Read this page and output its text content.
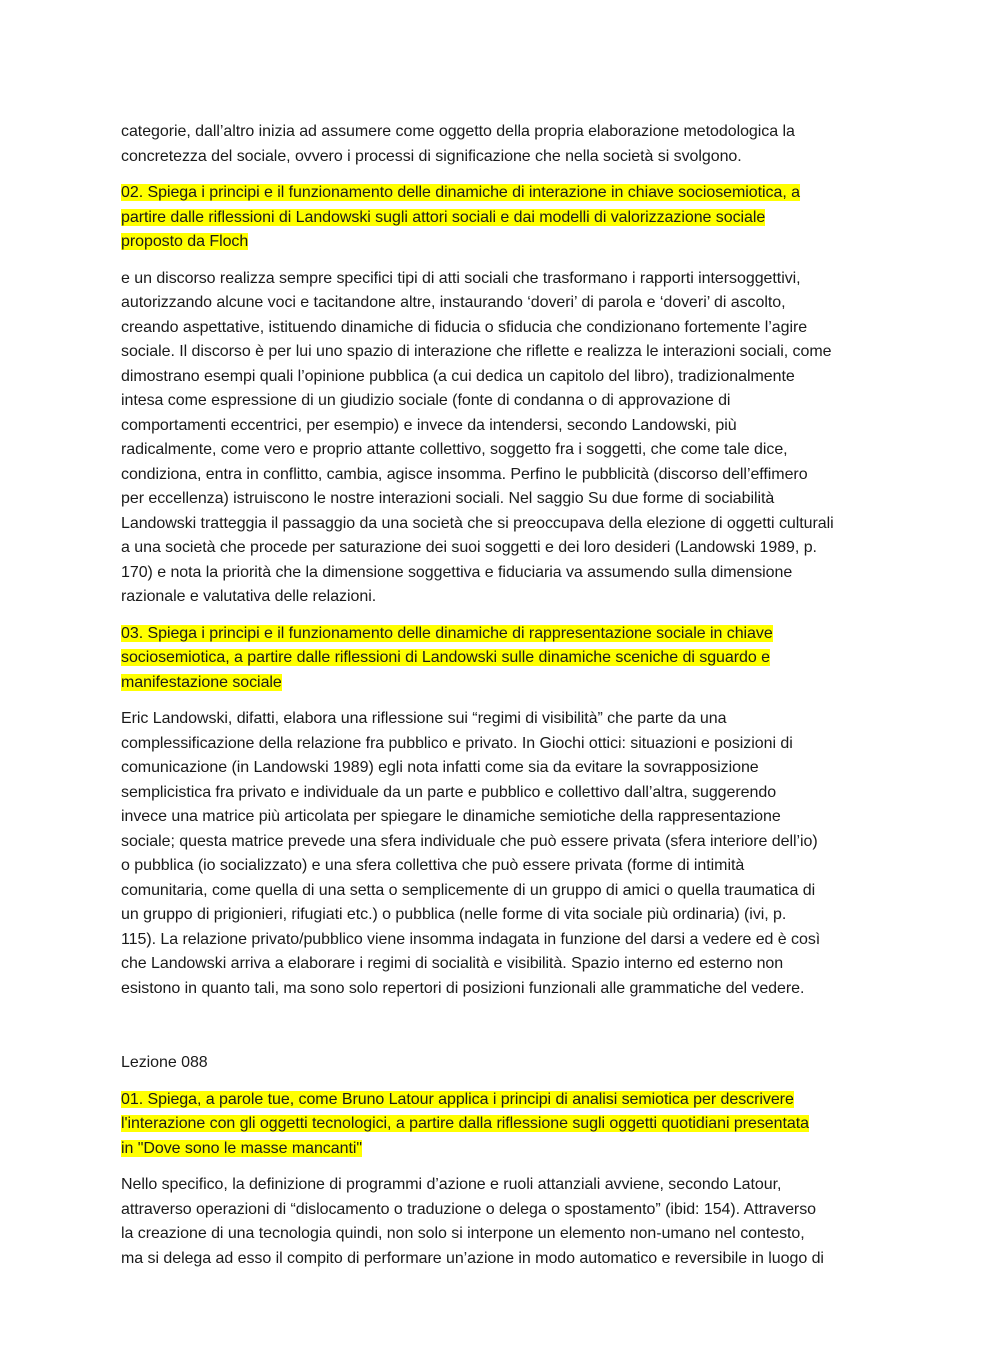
categorie, dall’altro inizia ad assumere come oggetto della propria elaborazione metodologica la
concretezza del sociale, ovvero i processi di significazione che nella società si svolgono.

02. Spiega i principi e il funzionamento delle dinamiche di interazione in chiave sociosemiotica, a
partire dalle riflessioni di Landowski sugli attori sociali e dai modelli di valorizzazione sociale
proposto da Floch

e un discorso realizza sempre specifici tipi di atti sociali che trasformano i rapporti intersoggettivi,
autorizzando alcune voci e tacitandone altre, instaurando ‘doveri’ di parola e ‘doveri’ di ascolto,
creando aspettative, istituendo dinamiche di fiducia o sfiducia che condizionano fortemente l’agire
sociale. Il discorso è per lui uno spazio di interazione che riflette e realizza le interazioni sociali, come
dimostrano esempi quali l’opinione pubblica (a cui dedica un capitolo del libro), tradizionalmente
intesa come espressione di un giudizio sociale (fonte di condanna o di approvazione di
comportamenti eccentrici, per esempio) e invece da intendersi, secondo Landowski, più
radicalmente, come vero e proprio attante collettivo, soggetto fra i soggetti, che come tale dice,
condiziona, entra in conflitto, cambia, agisce insomma. Perfino le pubblicità (discorso dell’effimero
per eccellenza) istruiscono le nostre interazioni sociali. Nel saggio Su due forme di sociabilità
Landowski tratteggia il passaggio da una società che si preoccupava della elezione di oggetti culturali
a una società che procede per saturazione dei suoi soggetti e dei loro desideri (Landowski 1989, p.
170) e nota la priorità che la dimensione soggettiva e fiduciaria va assumendo sulla dimensione
razionale e valutativa delle relazioni.

03. Spiega i principi e il funzionamento delle dinamiche di rappresentazione sociale in chiave
sociosemiotica, a partire dalle riflessioni di Landowski sulle dinamiche sceniche di sguardo e
manifestazione sociale

Eric Landowski, difatti, elabora una riflessione sui “regimi di visibilità” che parte da una
complessificazione della relazione fra pubblico e privato. In Giochi ottici: situazioni e posizioni di
comunicazione (in Landowski 1989) egli nota infatti come sia da evitare la sovrapposizione
semplicistica fra privato e individuale da un parte e pubblico e collettivo dall’altra, suggerendo
invece una matrice più articolata per spiegare le dinamiche semiotiche della rappresentazione
sociale; questa matrice prevede una sfera individuale che può essere privata (sfera interiore dell’io)
o pubblica (io socializzato) e una sfera collettiva che può essere privata (forme di intimità
comunitaria, come quella di una setta o semplicemente di un gruppo di amici o quella traumatica di
un gruppo di prigionieri, rifugiati etc.) o pubblica (nelle forme di vita sociale più ordinaria) (ivi, p.
115). La relazione privato/pubblico viene insomma indagata in funzione del darsi a vedere ed è così
che Landowski arriva a elaborare i regimi di socialità e visibilità. Spazio interno ed esterno non
esistono in quanto tali, ma sono solo repertori di posizioni funzionali alle grammatiche del vedere.

Lezione 088

01. Spiega, a parole tue, come Bruno Latour applica i principi di analisi semiotica per descrivere
l'interazione con gli oggetti tecnologici, a partire dalla riflessione sugli oggetti quotidiani presentata
in "Dove sono le masse mancanti"

Nello specifico, la definizione di programmi d’azione e ruoli attanziali avviene, secondo Latour,
attraverso operazioni di “dislocamento o traduzione o delega o spostamento” (ibid: 154). Attraverso
la creazione di una tecnologia quindi, non solo si interpone un elemento non-umano nel contesto,
ma si delega ad esso il compito di performare un’azione in modo automatico e reversibile in luogo di
